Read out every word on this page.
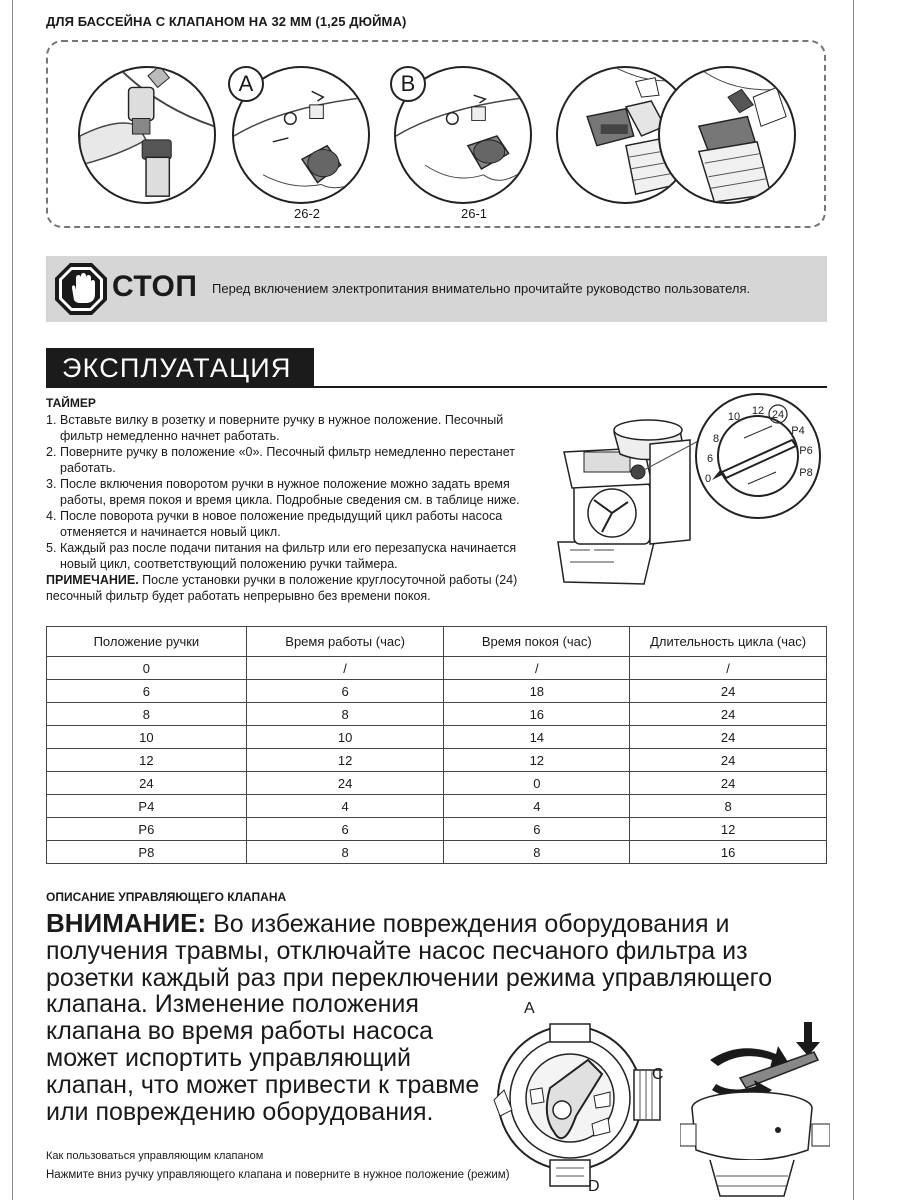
ДЛЯ БАССЕЙНА С КЛАПАНОМ НА 32 ММ (1,25 ДЮЙМА)
A
26-2
B
26-1
СТОП Перед включением электропитания внимательно прочитайте руководство пользователя.
ЭКСПЛУАТАЦИЯ
ТАЙМЕР
1. Вставьте вилку в розетку и поверните ручку в нужное положение. Песочный фильтр немедленно начнет работать.
2. Поверните ручку в положение «0». Песочный фильтр немедленно перестанет работать.
3. После включения поворотом ручки в нужное положение можно задать время работы, время покоя и время цикла. Подробные сведения см. в таблице ниже.
4. После поворота ручки в новое положение предыдущий цикл работы насоса отменяется и начинается новый цикл.
5. Каждый раз после подачи питания на фильтр или его перезапуска начинается новый цикл, соответствующий положению ручки таймера.
ПРИМЕЧАНИЕ. После установки ручки в положение круглосуточной работы (24) песочный фильтр будет работать непрерывно без времени покоя.
0
6
8
10 12 24
P4
P6
P8
Положение ручки	Время работы (час)	Время покоя (час)	Длительность цикла (час)
0	/	/	/
6	6	18	24
8	8	16	24
10	10	14	24
12	12	12	24
24	24	0	24
P4	4	4	8
P6	6	6	12
P8	8	8	16
ОПИСАНИЕ УПРАВЛЯЮЩЕГО КЛАПАНА
ВНИМАНИЕ: Во избежание повреждения оборудования и получения травмы, отключайте насос песчаного фильтра из розетки каждый раз при переключении режима управляющего
клапана. Изменение положения клапана во время работы насоса может испортить управляющий клапан, что может привести к травме или повреждению оборудования.
Как пользоваться управляющим клапаном
Нажмите вниз ручку управляющего клапана и поверните в нужное положение (режим)
A
C
D
